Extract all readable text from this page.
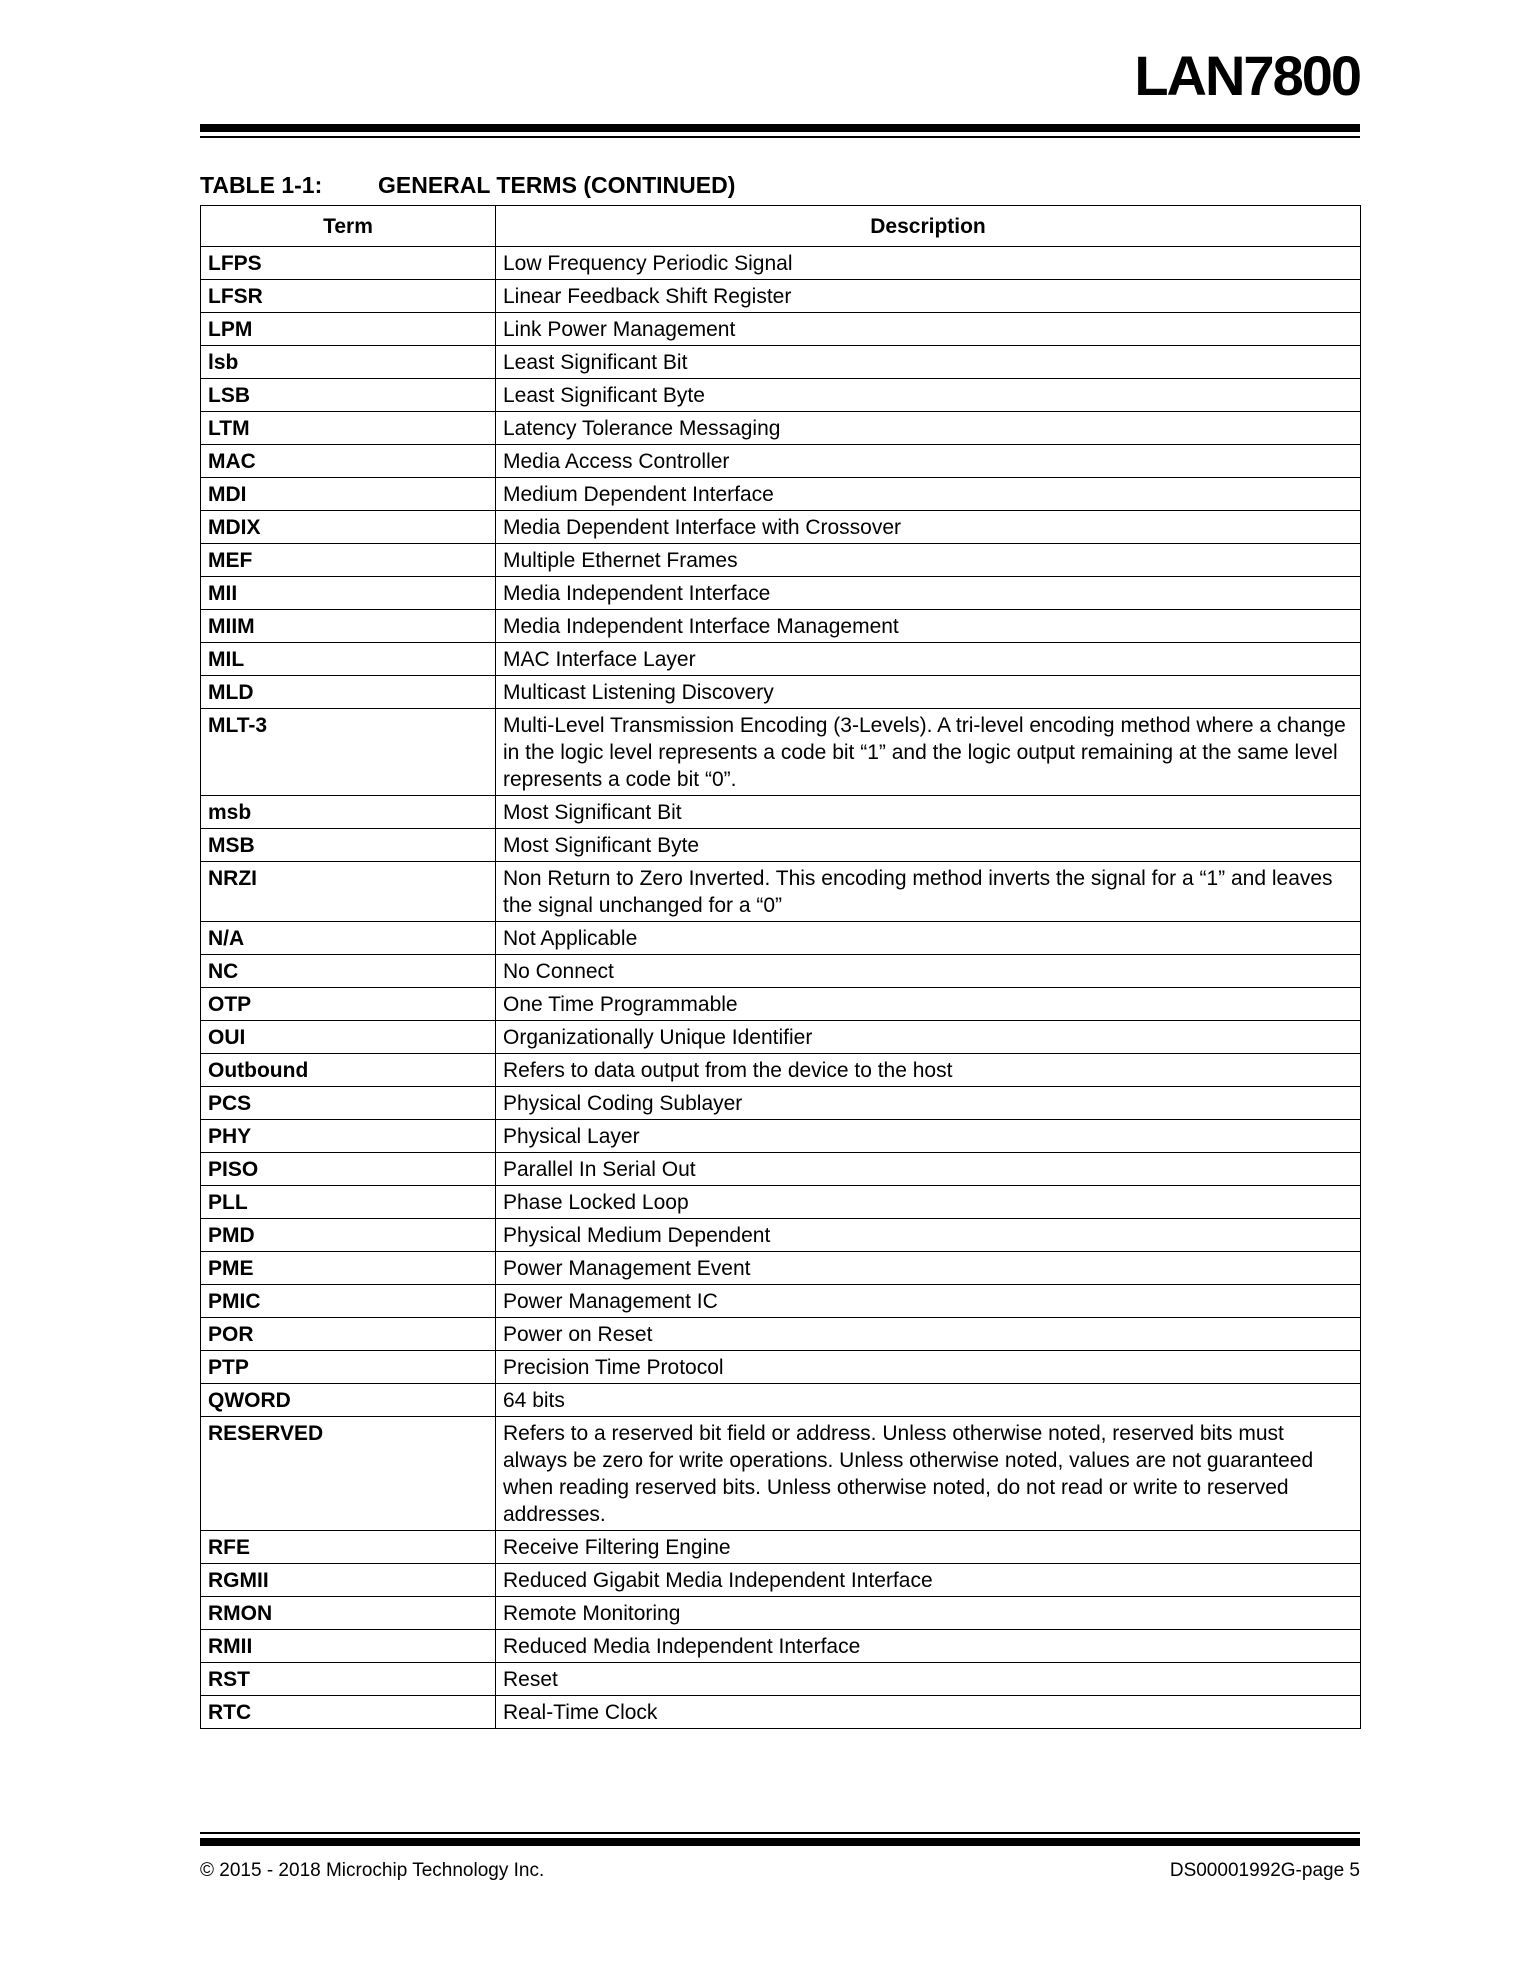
LAN7800
TABLE 1-1: GENERAL TERMS (CONTINUED)
Term	Description
LFPS	Low Frequency Periodic Signal
LFSR	Linear Feedback Shift Register
LPM	Link Power Management
lsb	Least Significant Bit
LSB	Least Significant Byte
LTM	Latency Tolerance Messaging
MAC	Media Access Controller
MDI	Medium Dependent Interface
MDIX	Media Dependent Interface with Crossover
MEF	Multiple Ethernet Frames
MII	Media Independent Interface
MIIM	Media Independent Interface Management
MIL	MAC Interface Layer
MLD	Multicast Listening Discovery
MLT-3	Multi-Level Transmission Encoding (3-Levels). A tri-level encoding method where a change in the logic level represents a code bit “1” and the logic output remaining at the same level represents a code bit “0”.
msb	Most Significant Bit
MSB	Most Significant Byte
NRZI	Non Return to Zero Inverted. This encoding method inverts the signal for a “1” and leaves the signal unchanged for a “0”
N/A	Not Applicable
NC	No Connect
OTP	One Time Programmable
OUI	Organizationally Unique Identifier
Outbound	Refers to data output from the device to the host
PCS	Physical Coding Sublayer
PHY	Physical Layer
PISO	Parallel In Serial Out
PLL	Phase Locked Loop
PMD	Physical Medium Dependent
PME	Power Management Event
PMIC	Power Management IC
POR	Power on Reset
PTP	Precision Time Protocol
QWORD	64 bits
RESERVED	Refers to a reserved bit field or address. Unless otherwise noted, reserved bits must always be zero for write operations. Unless otherwise noted, values are not guaranteed when reading reserved bits. Unless otherwise noted, do not read or write to reserved addresses.
RFE	Receive Filtering Engine
RGMII	Reduced Gigabit Media Independent Interface
RMON	Remote Monitoring
RMII	Reduced Media Independent Interface
RST	Reset
RTC	Real-Time Clock
© 2015 - 2018 Microchip Technology Inc.	DS00001992G-page 5
